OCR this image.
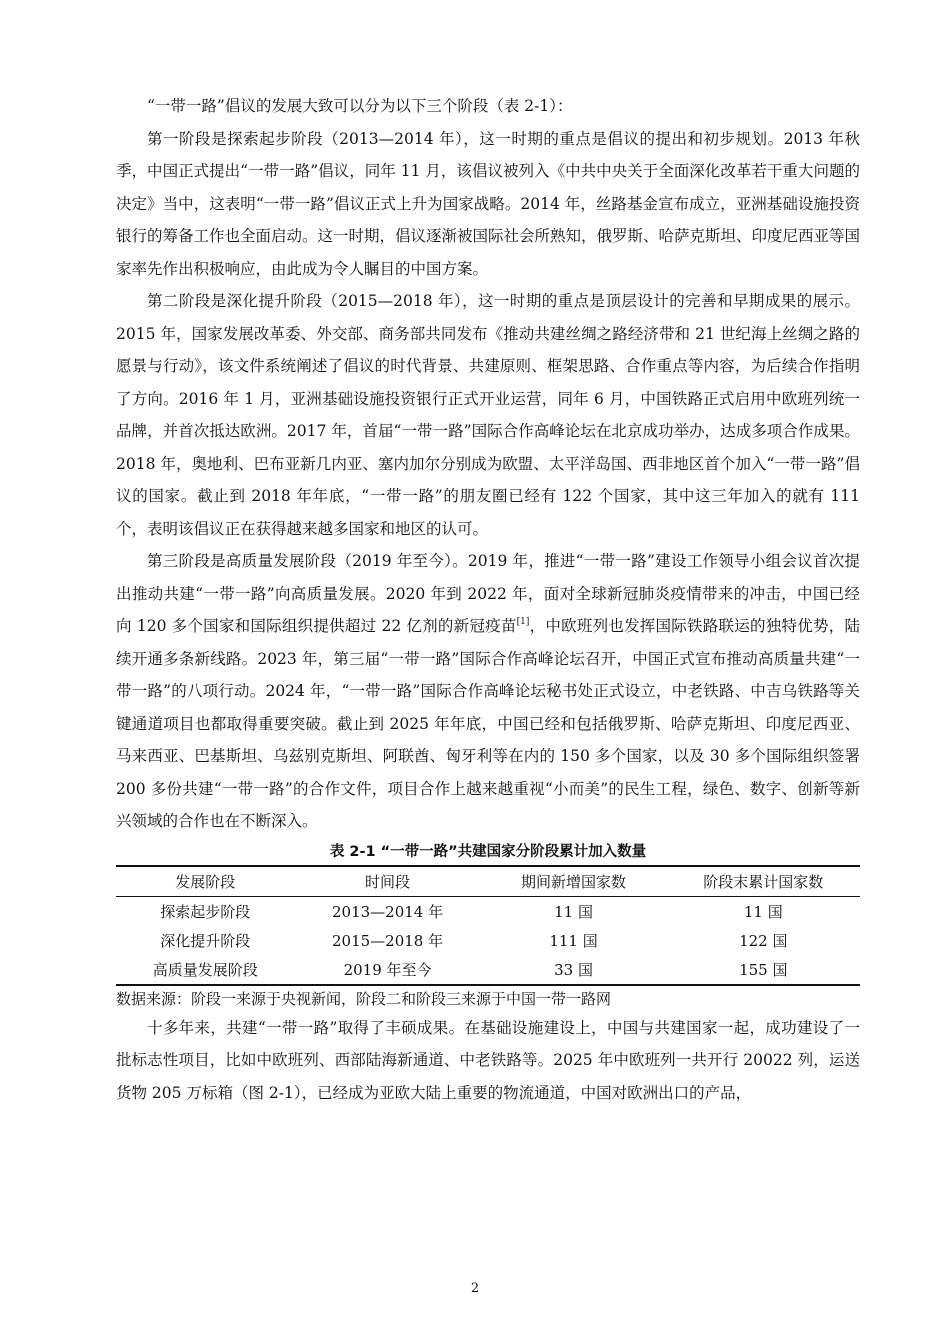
“一带一路”倡议的发展大致可以分为以下三个阶段（表 2-1）：

第一阶段是探索起步阶段（2013—2014 年），这一时期的重点是倡议的提出和初步规划。2013 年秋季，中国正式提出“一带一路”倡议，同年 11 月，该倡议被列入《中共中央关于全面深化改革若干重大问题的决定》当中，这表明“一带一路”倡议正式上升为国家战略。2014 年，丝路基金宣布成立，亚洲基础设施投资银行的筹备工作也全面启动。这一时期，倡议逐渐被国际社会所熟知，俄罗斯、哈萨克斯坦、印度尼西亚等国家率先作出积极响应，由此成为令人瞩目的中国方案。

第二阶段是深化提升阶段（2015—2018 年），这一时期的重点是顶层设计的完善和早期成果的展示。2015 年，国家发展改革委、外交部、商务部共同发布《推动共建丝绸之路经济带和 21 世纪海上丝绸之路的愿景与行动》，该文件系统阐述了倡议的时代背景、共建原则、框架思路、合作重点等内容，为后续合作指明了方向。2016 年 1 月，亚洲基础设施投资银行正式开业运营，同年 6 月，中国铁路正式启用中欧班列统一品牌，并首次抵达欧洲。2017 年，首届“一带一路”国际合作高峰论坛在北京成功举办，达成多项合作成果。2018 年，奥地利、巴布亚新几内亚、塞内加尔分别成为欧盟、太平洋岛国、西非地区首个加入“一带一路”倡议的国家。截止到 2018 年年底，“一带一路”的朋友圈已经有 122 个国家，其中这三年加入的就有 111 个，表明该倡议正在获得越来越多国家和地区的认可。

第三阶段是高质量发展阶段（2019 年至今）。2019 年，推进“一带一路”建设工作领导小组会议首次提出推动共建“一带一路”向高质量发展。2020 年到 2022 年，面对全球新冠肺炎疫情带来的冲击，中国已经向 120 多个国家和国际组织提供超过 22 亿剂的新冠疫苗[1]，中欧班列也发挥国际铁路联运的独特优势，陆续开通多条新线路。2023 年，第三届“一带一路”国际合作高峰论坛召开，中国正式宣布推动高质量共建“一带一路”的八项行动。2024 年，“一带一路”国际合作高峰论坛秘书处正式设立，中老铁路、中吉乌铁路等关键通道项目也都取得重要突破。截止到 2025 年年底，中国已经和包括俄罗斯、哈萨克斯坦、印度尼西亚、马来西亚、巴基斯坦、乌兹别克斯坦、阿联酋、匈牙利等在内的 150 多个国家，以及 30 多个国际组织签署 200 多份共建“一带一路”的合作文件，项目合作上越来越重视“小而美”的民生工程，绿色、数字、创新等新兴领域的合作也在不断深入。

表 2-1 “一带一路”共建国家分阶段累计加入数量
发展阶段	时间段	期间新增国家数	阶段末累计国家数
探索起步阶段	2013—2014 年	11 国	11 国
深化提升阶段	2015—2018 年	111 国	122 国
高质量发展阶段	2019 年至今	33 国	155 国

数据来源：阶段一来源于央视新闻，阶段二和阶段三来源于中国一带一路网

十多年来，共建“一带一路”取得了丰硕成果。在基础设施建设上，中国与共建国家一起，成功建设了一批标志性项目，比如中欧班列、西部陆海新通道、中老铁路等。2025 年中欧班列一共开行 20022 列，运送货物 205 万标箱（图 2-1），已经成为亚欧大陆上重要的物流通道，中国对欧洲出口的产品，

2
